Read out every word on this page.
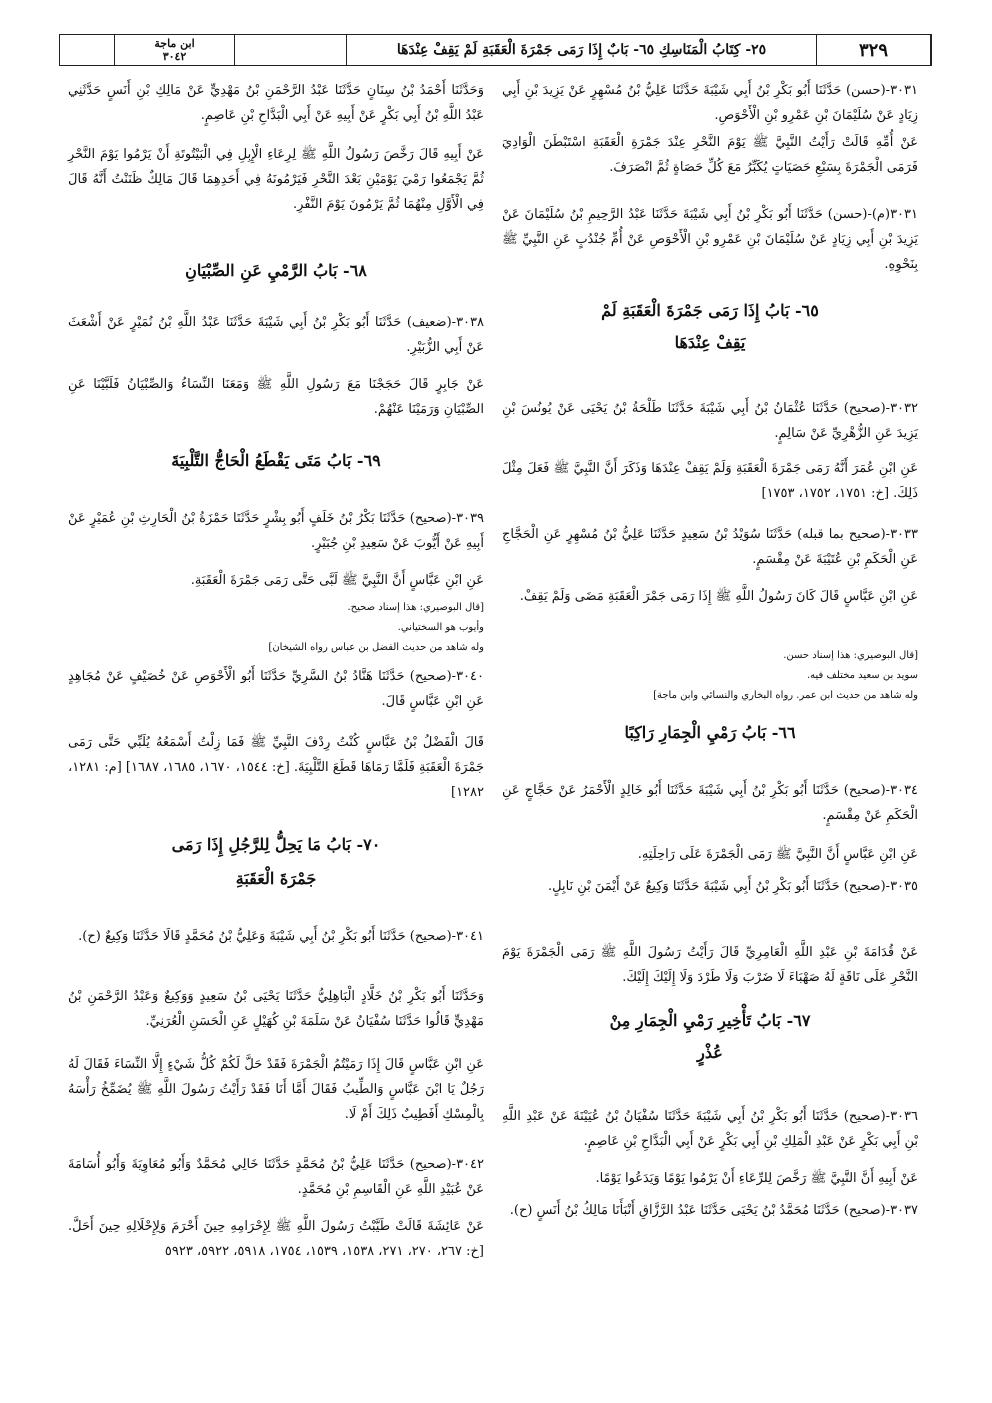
ابن ماجة
٣٠٤٢	٢٥- كِتَابُ الْمَنَاسِكِ ٦٥- بَابٌ إِذَا رَمَى جَمْرَةَ الْعَقَبَةِ لَمْ يَقِفْ عِنْدَهَا	٣٢٩

٣٠٣١-(حسن) حَدَّثَنَا أَبُو بَكْرِ بْنُ أَبِي شَيْبَةَ حَدَّثَنَا عَلِيُّ بْنُ مُسْهِرٍ عَنْ يَزِيدَ بْنِ أَبِي زِيَادٍ عَنْ سُلَيْمَانَ بْنِ عَمْرِو بْنِ الْأَحْوَصِ.

عَنْ أُمِّهِ قَالَتْ رَأَيْتُ النَّبِيَّ ﷺ يَوْمَ النَّحْرِ عِنْدَ جَمْرَةِ الْعَقَبَةِ اسْتَبْطَنَ الْوَادِيَ فَرَمَى الْجَمْرَةَ بِسَبْعِ حَصَيَاتٍ يُكَبِّرُ مَعَ كُلِّ حَصَاةٍ ثُمَّ انْصَرَفَ.

٣٠٣١(م)-(حسن) حَدَّثَنَا أَبُو بَكْرِ بْنُ أَبِي شَيْبَةَ حَدَّثَنَا عَبْدُ الرَّحِيمِ بْنُ سُلَيْمَانَ عَنْ يَزِيدَ بْنِ أَبِي زِيَادٍ عَنْ سُلَيْمَانَ بْنِ عَمْرِو بْنِ الْأَحْوَصِ عَنْ أُمِّ جُنْدُبٍ عَنِ النَّبِيِّ ﷺ بِنَحْوِهِ.

٦٥- بَابُ إِذَا رَمَى جَمْرَةَ الْعَقَبَةِ لَمْ
يَقِفْ عِنْدَهَا

٣٠٣٢-(صحيح) حَدَّثَنَا عُثْمَانُ بْنُ أَبِي شَيْبَةَ حَدَّثَنَا طَلْحَةُ بْنُ يَحْيَى عَنْ يُونُسَ بْنِ يَزِيدَ عَنِ الزُّهْرِيِّ عَنْ سَالِمٍ.

عَنِ ابْنِ عُمَرَ أَنَّهُ رَمَى جَمْرَةَ الْعَقَبَةِ وَلَمْ يَقِفْ عِنْدَهَا وَذَكَرَ أَنَّ النَّبِيَّ ﷺ فَعَلَ مِثْلَ ذَلِكَ. [خ: ١٧٥١، ١٧٥٢، ١٧٥٣]

٣٠٣٣-(صحيح بما قبله) حَدَّثَنَا سُوَيْدُ بْنُ سَعِيدٍ حَدَّثَنَا عَلِيُّ بْنُ مُسْهِرٍ عَنِ الْحَجَّاجِ عَنِ الْحَكَمِ بْنِ عُتَيْبَةَ عَنْ مِقْسَمٍ.

عَنِ ابْنِ عَبَّاسٍ قَالَ كَانَ رَسُولُ اللَّهِ ﷺ إِذَا رَمَى جَمْرَ الْعَقَبَةِ مَضَى وَلَمْ يَقِفْ.

[قال البوصيري: هذا إسناد حسن.
سويد بن سعيد مختلف فيه.
وله شاهد من حديث ابن عمر. رواه البخاري والنسائي وابن ماجة]
٦٦- بَابُ رَمْيِ الْجِمَارِ رَاكِبًا

٣٠٣٤-(صحيح) حَدَّثَنَا أَبُو بَكْرِ بْنُ أَبِي شَيْبَةَ حَدَّثَنَا أَبُو خَالِدٍ الْأَحْمَرُ عَنْ حَجَّاجٍ عَنِ الْحَكَمِ عَنْ مِقْسَمٍ.

عَنِ ابْنِ عَبَّاسٍ أَنَّ النَّبِيَّ ﷺ رَمَى الْجَمْرَةَ عَلَى رَاحِلَتِهِ.

٣٠٣٥-(صحيح) حَدَّثَنَا أَبُو بَكْرِ بْنُ أَبِي شَيْبَةَ حَدَّثَنَا وَكِيعٌ عَنْ أَيْمَنَ بْنِ نَابِلٍ.

عَنْ قُدَامَةَ بْنِ عَبْدِ اللَّهِ الْعَامِرِيِّ قَالَ رَأَيْتُ رَسُولَ اللَّهِ ﷺ رَمَى الْجَمْرَةَ يَوْمَ النَّحْرِ عَلَى نَاقَةٍ لَهُ صَهْبَاءَ لَا ضَرْبَ وَلَا طَرْدَ وَلَا إِلَيْكَ إِلَيْكَ.

٦٧- بَابُ تَأْخِيرِ رَمْيِ الْجِمَارِ مِنْ
عُذْرٍ

٣٠٣٦-(صحيح) حَدَّثَنَا أَبُو بَكْرِ بْنُ أَبِي شَيْبَةَ حَدَّثَنَا سُفْيَانُ بْنُ عُيَيْنَةَ عَنْ عَبْدِ اللَّهِ بْنِ أَبِي بَكْرٍ عَنْ عَبْدِ الْمَلِكِ بْنِ أَبِي بَكْرٍ عَنْ أَبِي الْبَدَّاحِ بْنِ عَاصِمٍ.

عَنْ أَبِيهِ أَنَّ النَّبِيَّ ﷺ رَخَّصَ لِلرِّعَاءِ أَنْ يَرْمُوا يَوْمًا وَيَدَعُوا يَوْمًا.

٣٠٣٧-(صحيح) حَدَّثَنَا مُحَمَّدُ بْنُ يَحْيَى حَدَّثَنَا عَبْدُ الرَّزَّاقِ أَنْبَأَنَا مَالِكُ بْنُ أَنَسٍ (ح).

وَحَدَّثَنَا أَحْمَدُ بْنُ سِنَانٍ حَدَّثَنَا عَبْدُ الرَّحْمَنِ بْنُ مَهْدِيٍّ عَنْ مَالِكِ بْنِ أَنَسٍ حَدَّثَنِي عَبْدُ اللَّهِ بْنُ أَبِي بَكْرٍ عَنْ أَبِيهِ عَنْ أَبِي الْبَدَّاحِ بْنِ عَاصِمٍ.

عَنْ أَبِيهِ قَالَ رَخَّصَ رَسُولُ اللَّهِ ﷺ لِرِعَاءِ الْإِبِلِ فِي الْبَيْتُوتَةِ أَنْ يَرْمُوا يَوْمَ النَّحْرِ ثُمَّ يَجْمَعُوا رَمْيَ يَوْمَيْنِ بَعْدَ النَّحْرِ فَيَرْمُونَهُ فِي أَحَدِهِمَا قَالَ مَالِكٌ ظَنَنْتُ أَنَّهُ قَالَ فِي الْأَوَّلِ مِنْهُمَا ثُمَّ يَرْمُونَ يَوْمَ النَّفْرِ.

٦٨- بَابُ الرَّمْيِ عَنِ الصِّبْيَانِ

٣٠٣٨-(ضعيف) حَدَّثَنَا أَبُو بَكْرِ بْنُ أَبِي شَيْبَةَ حَدَّثَنَا عَبْدُ اللَّهِ بْنُ نُمَيْرٍ عَنْ أَشْعَثَ عَنْ أَبِي الزُّبَيْرِ.

عَنْ جَابِرٍ قَالَ حَجَجْنَا مَعَ رَسُولِ اللَّهِ ﷺ وَمَعَنَا النِّسَاءُ وَالصِّبْيَانُ فَلَبَّيْنَا عَنِ الصِّبْيَانِ وَرَمَيْنَا عَنْهُمْ.

٦٩- بَابُ مَتَى يَقْطَعُ الْحَاجُّ التَّلْبِيَةَ

٣٠٣٩-(صحيح) حَدَّثَنَا بَكْرُ بْنُ خَلَفٍ أَبُو بِشْرٍ حَدَّثَنَا حَمْزَةُ بْنُ الْحَارِثِ بْنِ عُمَيْرٍ عَنْ أَبِيهِ عَنْ أَيُّوبَ عَنْ سَعِيدِ بْنِ جُبَيْرٍ.

عَنِ ابْنِ عَبَّاسٍ أَنَّ النَّبِيَّ ﷺ لَبَّى حَتَّى رَمَى جَمْرَةَ الْعَقَبَةِ.

[قال البوصيري: هذا إسناد صحيح.
وأيوب هو السختياني.
وله شاهد من حديث الفضل بن عباس رواه الشيخان]

٣٠٤٠-(صحيح) حَدَّثَنَا هَنَّادُ بْنُ السَّرِيِّ حَدَّثَنَا أَبُو الْأَحْوَصِ عَنْ خُصَيْفٍ عَنْ مُجَاهِدٍ عَنِ ابْنِ عَبَّاسٍ قَالَ.

قَالَ الْفَضْلُ بْنُ عَبَّاسٍ كُنْتُ رِدْفَ النَّبِيِّ ﷺ فَمَا زِلْتُ أَسْمَعُهُ يُلَبِّي حَتَّى رَمَى جَمْرَةَ الْعَقَبَةِ فَلَمَّا رَمَاهَا قَطَعَ التَّلْبِيَةَ. [خ: ١٥٤٤، ١٦٧٠، ١٦٨٥، ١٦٨٧] [م: ١٢٨١، ١٢٨٢]

٧٠- بَابُ مَا يَحِلُّ لِلرَّجُلِ إِذَا رَمَى
جَمْرَةَ الْعَقَبَةِ

٣٠٤١-(صحيح) حَدَّثَنَا أَبُو بَكْرِ بْنُ أَبِي شَيْبَةَ وَعَلِيُّ بْنُ مُحَمَّدٍ قَالَا حَدَّثَنَا وَكِيعٌ (ح).

وَحَدَّثَنَا أَبُو بَكْرِ بْنُ خَلَّادٍ الْبَاهِلِيُّ حَدَّثَنَا يَحْيَى بْنُ سَعِيدٍ وَوَكِيعٌ وَعَبْدُ الرَّحْمَنِ بْنُ مَهْدِيٍّ قَالُوا حَدَّثَنَا سُفْيَانُ عَنْ سَلَمَةَ بْنِ كُهَيْلٍ عَنِ الْحَسَنِ الْعُرَنِيِّ.

عَنِ ابْنِ عَبَّاسٍ قَالَ إِذَا رَمَيْتُمُ الْجَمْرَةَ فَقَدْ حَلَّ لَكُمْ كُلُّ شَيْءٍ إِلَّا النِّسَاءَ فَقَالَ لَهُ رَجُلٌ يَا ابْنَ عَبَّاسٍ وَالطِّيبُ فَقَالَ أَمَّا أَنَا فَقَدْ رَأَيْتُ رَسُولَ اللَّهِ ﷺ يُضَمِّخُ رَأْسَهُ بِالْمِسْكِ أَفَطِيبٌ ذَلِكَ أَمْ لَا.

٣٠٤٢-(صحيح) حَدَّثَنَا عَلِيُّ بْنُ مُحَمَّدٍ حَدَّثَنَا خَالِي مُحَمَّدٌ وَأَبُو مُعَاوِيَةَ وَأَبُو أُسَامَةَ عَنْ عُبَيْدِ اللَّهِ عَنِ الْقَاسِمِ بْنِ مُحَمَّدٍ.

عَنْ عَائِشَةَ قَالَتْ طَيَّبْتُ رَسُولَ اللَّهِ ﷺ لِإِحْرَامِهِ حِينَ أَحْرَمَ وَلِإِحْلَالِهِ حِينَ أَحَلَّ. [خ: ٢٦٧، ٢٧٠، ٢٧١، ١٥٣٨، ١٥٣٩، ١٧٥٤، ٥٩١٨، ٥٩٢٢، ٥٩٢٣
